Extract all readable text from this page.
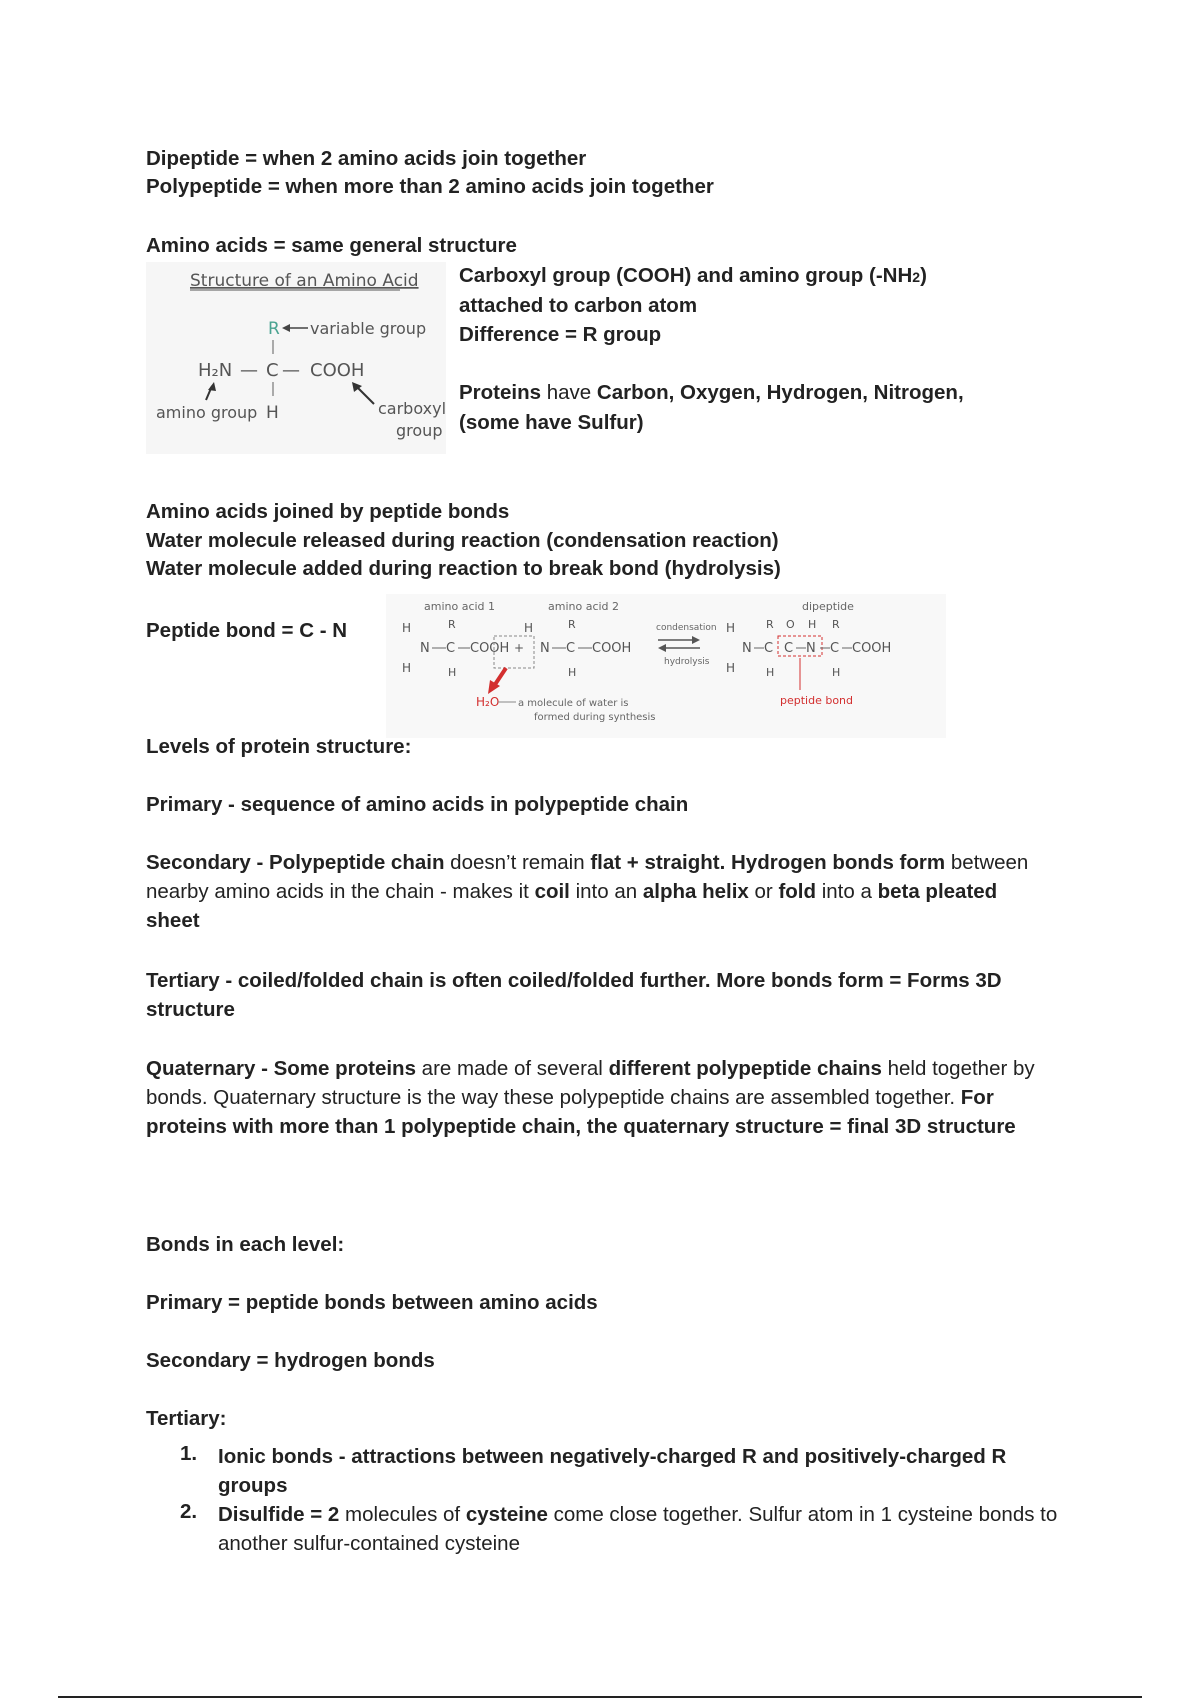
Dipeptide = when 2 amino acids join together
Polypeptide = when more than 2 amino acids join together
Amino acids = same general structure
Structure of an Amino Acid
R variable group
H₂N — C — COOH
amino group H	carboxyl
group
Carboxyl group (COOH) and amino group (-NH2)
attached to carbon atom
Difference = R group
Proteins have Carbon, Oxygen, Hydrogen, Nitrogen,
(some have Sulfur)
Amino acids joined by peptide bonds
Water molecule released during reaction (condensation reaction)
Water molecule added during reaction to break bond (hydrolysis)
Peptide bond = C - N
amino acid 1	amino acid 2	dipeptide
H
H
N C
R
H
COOH +
H
N C
R
H
COOH
H₂O a molecule of water is
formed during synthesis
condensation
hydrolysis
H
H
N C
R
H
C
O
N
H
C
R
H
COOH
peptide bond
Levels of protein structure:
Primary - sequence of amino acids in polypeptide chain
Secondary - Polypeptide chain doesn’t remain flat + straight. Hydrogen bonds form between nearby amino acids in the chain - makes it coil into an alpha helix or fold into a beta pleated sheet
Tertiary - coiled/folded chain is often coiled/folded further. More bonds form = Forms 3D structure
Quaternary - Some proteins are made of several different polypeptide chains held together by bonds. Quaternary structure is the way these polypeptide chains are assembled together. For proteins with more than 1 polypeptide chain, the quaternary structure = final 3D structure
Bonds in each level:
Primary = peptide bonds between amino acids
Secondary = hydrogen bonds
Tertiary:
1. Ionic bonds - attractions between negatively-charged R and positively-charged R groups
2. Disulfide = 2 molecules of cysteine come close together. Sulfur atom in 1 cysteine bonds to another sulfur-contained cysteine
